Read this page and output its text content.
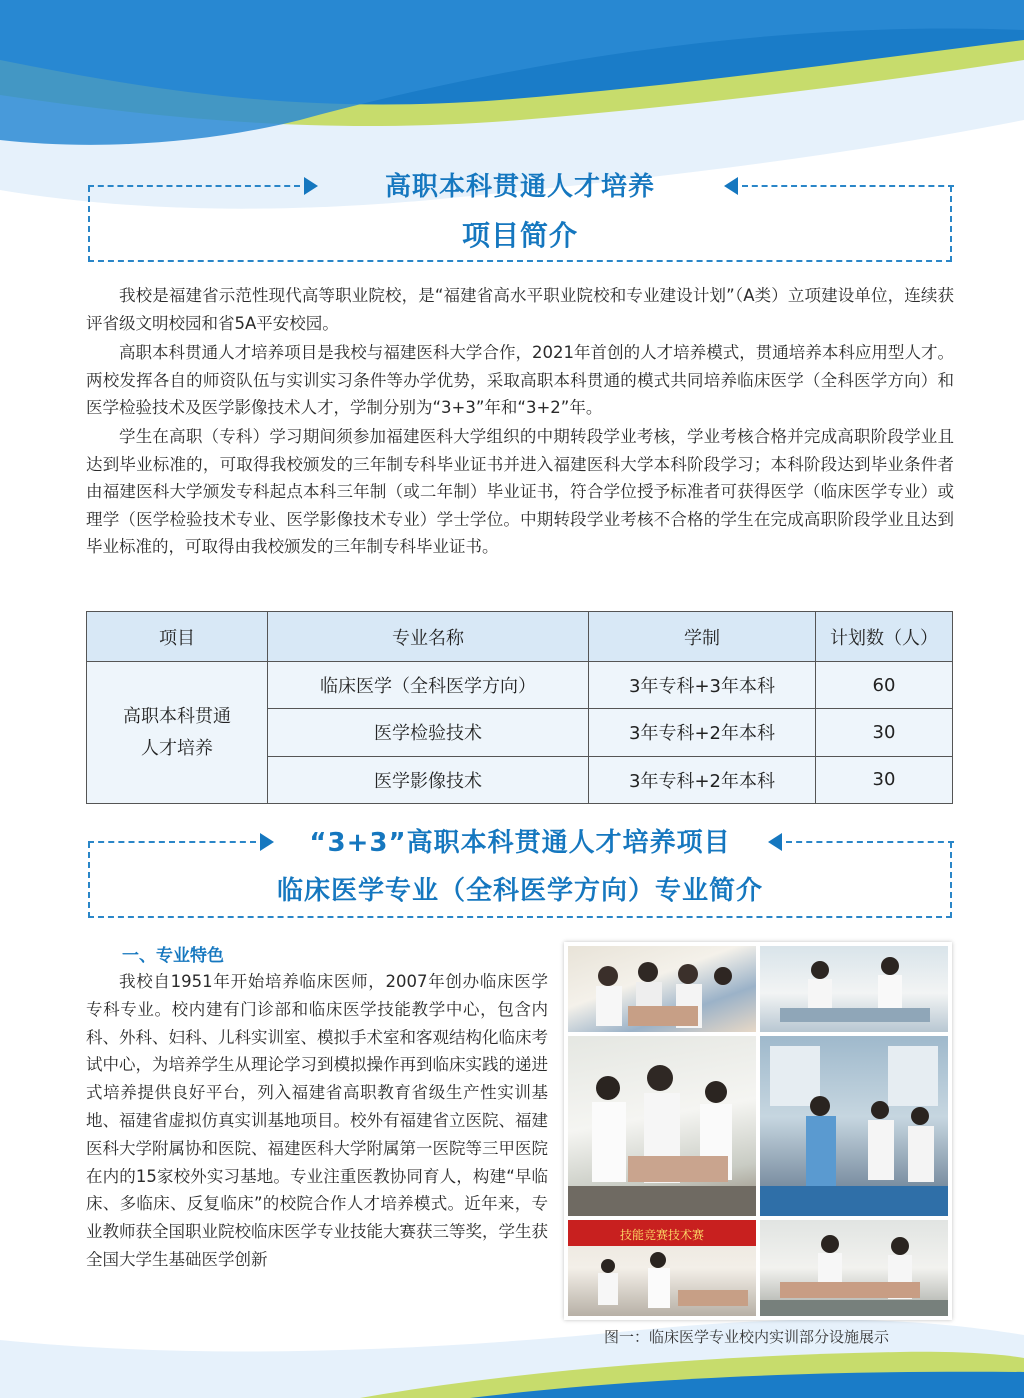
高职本科贯通人才培养
项目简介

我校是福建省示范性现代高等职业院校，是“福建省高水平职业院校和专业建设计划”（A类）立项建设单位，连续获评省级文明校园和省5A平安校园。

高职本科贯通人才培养项目是我校与福建医科大学合作，2021年首创的人才培养模式，贯通培养本科应用型人才。两校发挥各自的师资队伍与实训实习条件等办学优势，采取高职本科贯通的模式共同培养临床医学（全科医学方向）和医学检验技术及医学影像技术人才，学制分别为“3+3”年和“3+2”年。

学生在高职（专科）学习期间须参加福建医科大学组织的中期转段学业考核，学业考核合格并完成高职阶段学业且达到毕业标准的，可取得我校颁发的三年制专科毕业证书并进入福建医科大学本科阶段学习；本科阶段达到毕业条件者由福建医科大学颁发专科起点本科三年制（或二年制）毕业证书，符合学位授予标准者可获得医学（临床医学专业）或理学（医学检验技术专业、医学影像技术专业）学士学位。中期转段学业考核不合格的学生在完成高职阶段学业且达到毕业标准的，可取得由我校颁发的三年制专科毕业证书。

项目	专业名称	学制	计划数（人）
高职本科贯通
人才培养	临床医学（全科医学方向）	3年专科+3年本科	60
	医学检验技术	3年专科+2年本科	30
	医学影像技术	3年专科+2年本科	30
“3+3”高职本科贯通人才培养项目
临床医学专业（全科医学方向）专业简介
一、专业特色

我校自1951年开始培养临床医师，2007年创办临床医学专科专业。校内建有门诊部和临床医学技能教学中心，包含内科、外科、妇科、儿科实训室、模拟手术室和客观结构化临床考试中心，为培养学生从理论学习到模拟操作再到临床实践的递进式培养提供良好平台，列入福建省高职教育省级生产性实训基地、福建省虚拟仿真实训基地项目。校外有福建省立医院、福建医科大学附属协和医院、福建医科大学附属第一医院等三甲医院在内的15家校外实习基地。专业注重医教协同育人，构建“早临床、多临床、反复临床”的校院合作人才培养模式。近年来，专业教师获全国职业院校临床医学专业技能大赛获三等奖，学生获全国大学生基础医学创新

技能竞赛技术赛
图一：临床医学专业校内实训部分设施展示
